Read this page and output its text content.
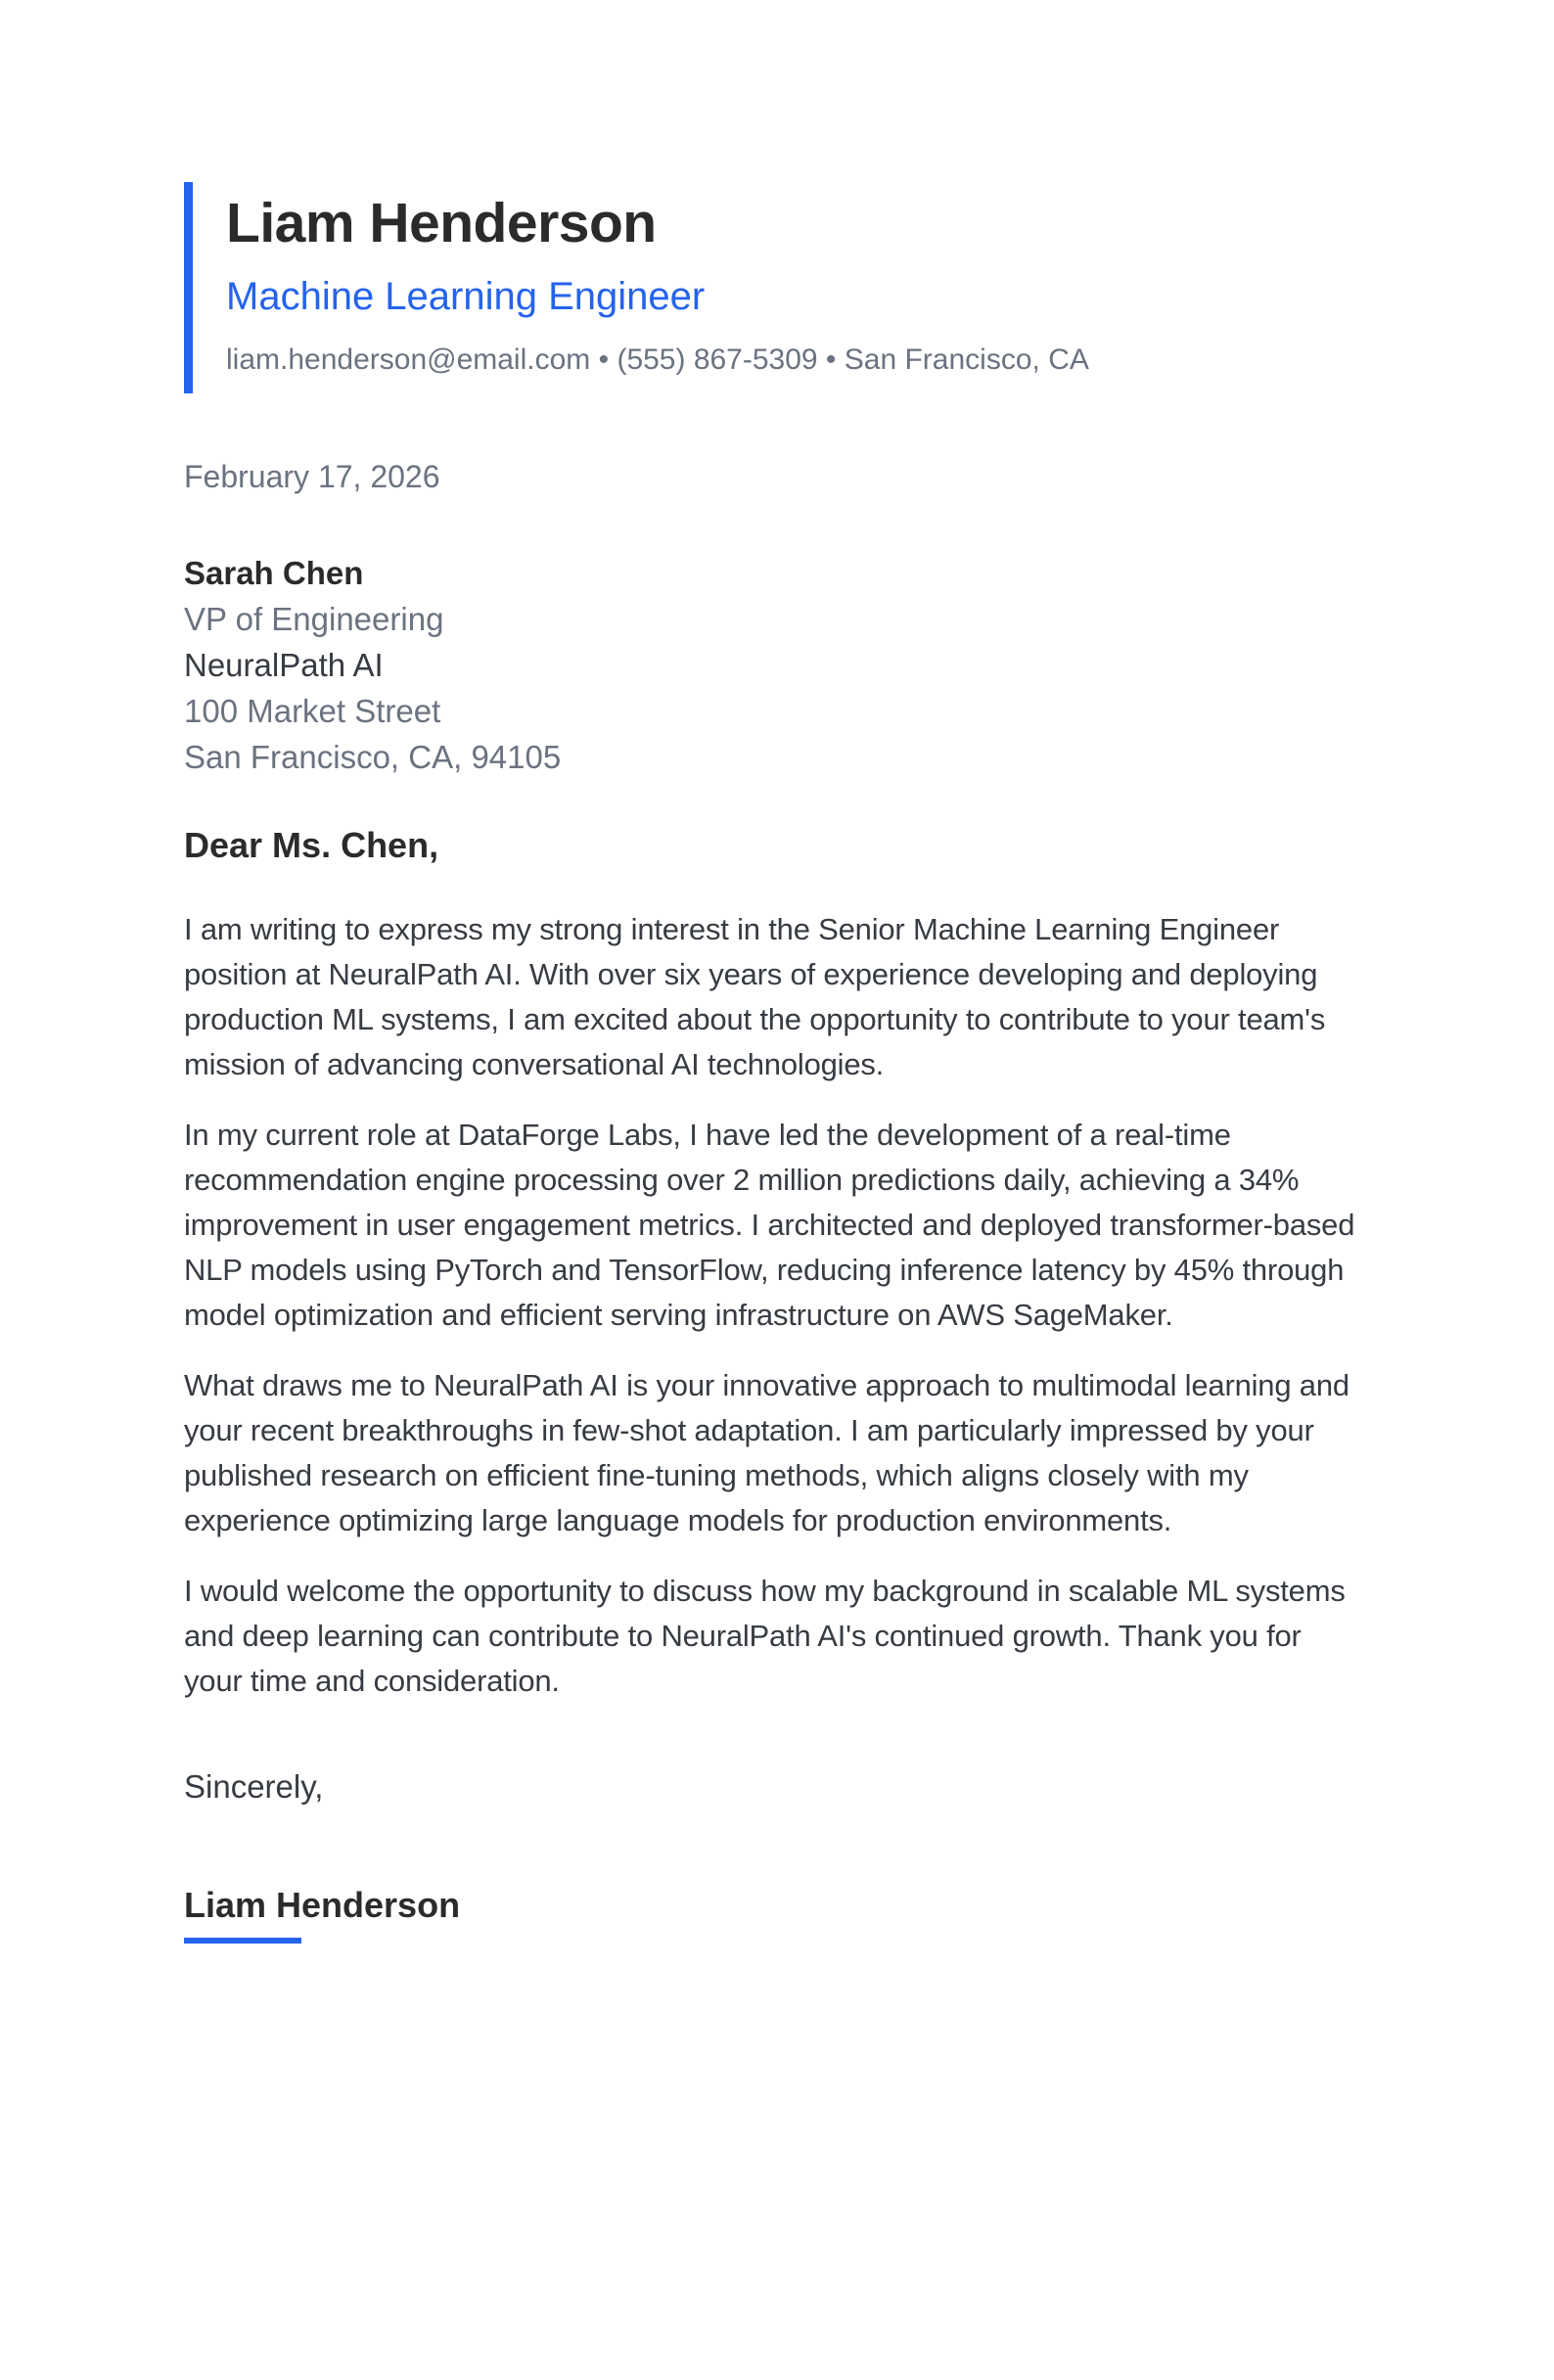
Liam Henderson
Machine Learning Engineer
liam.henderson@email.com • (555) 867-5309 • San Francisco, CA
February 17, 2026
Sarah Chen
VP of Engineering
NeuralPath AI
100 Market Street
San Francisco, CA, 94105
Dear Ms. Chen,

I am writing to express my strong interest in the Senior Machine Learning Engineer position at NeuralPath AI. With over six years of experience developing and deploying production ML systems, I am excited about the opportunity to contribute to your team's mission of advancing conversational AI technologies.

In my current role at DataForge Labs, I have led the development of a real-time recommendation engine processing over 2 million predictions daily, achieving a 34% improvement in user engagement metrics. I architected and deployed transformer-based NLP models using PyTorch and TensorFlow, reducing inference latency by 45% through model optimization and efficient serving infrastructure on AWS SageMaker.

What draws me to NeuralPath AI is your innovative approach to multimodal learning and your recent breakthroughs in few-shot adaptation. I am particularly impressed by your published research on efficient fine-tuning methods, which aligns closely with my experience optimizing large language models for production environments.

I would welcome the opportunity to discuss how my background in scalable ML systems and deep learning can contribute to NeuralPath AI's continued growth. Thank you for your time and consideration.

Sincerely,
Liam Henderson
